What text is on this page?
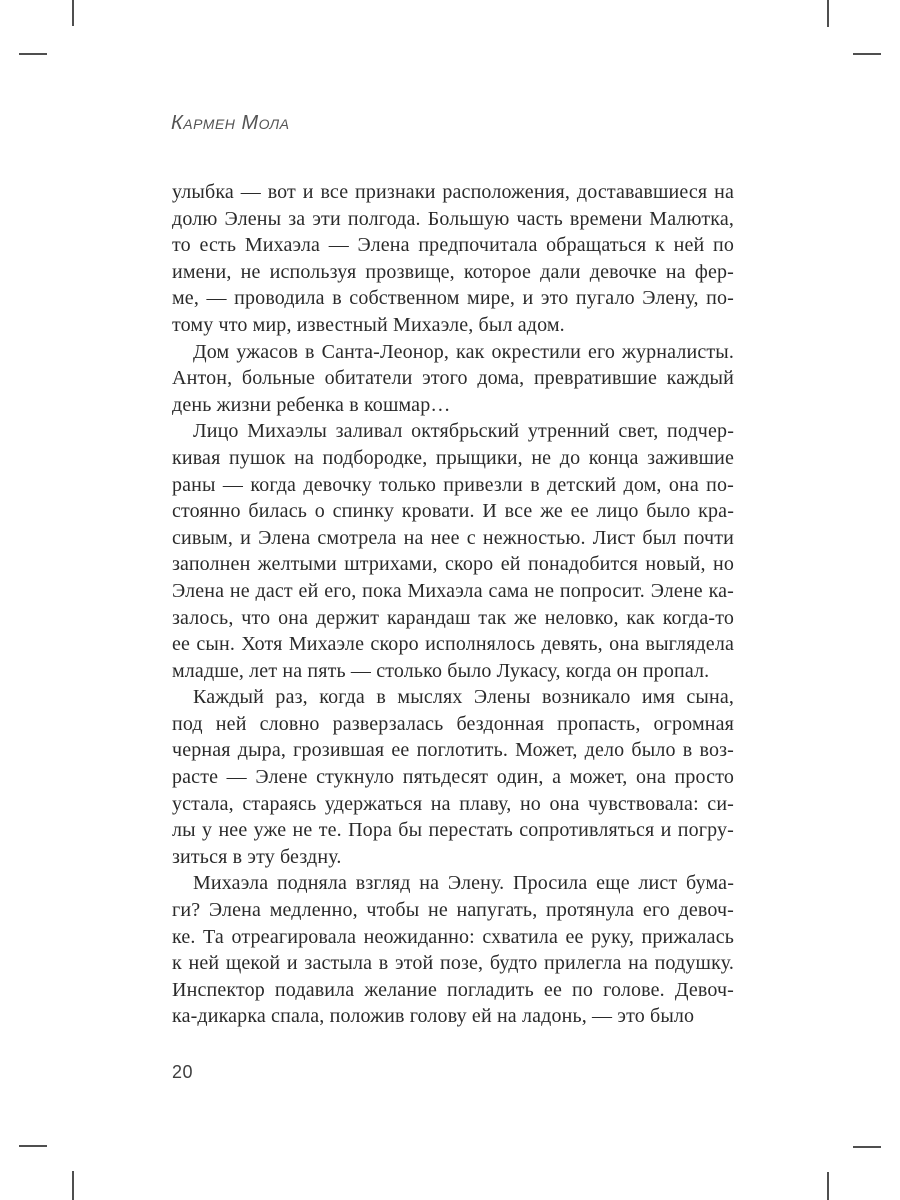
Кармен Мола
улыбка — вот и все признаки расположения, достававшиеся на
долю Элены за эти полгода. Большую часть времени Малютка,
то есть Михаэла — Элена предпочитала обращаться к ней по
имени, не используя прозвище, которое дали девочке на фер-
ме, — проводила в собственном мире, и это пугало Элену, по-
тому что мир, известный Михаэле, был адом.
Дом ужасов в Санта-Леонор, как окрестили его журналисты.
Антон, больные обитатели этого дома, превратившие каждый
день жизни ребенка в кошмар…
Лицо Михаэлы заливал октябрьский утренний свет, подчер-
кивая пушок на подбородке, прыщики, не до конца зажившие
раны — когда девочку только привезли в детский дом, она по-
стоянно билась о спинку кровати. И все же ее лицо было кра-
сивым, и Элена смотрела на нее с нежностью. Лист был почти
заполнен желтыми штрихами, скоро ей понадобится новый, но
Элена не даст ей его, пока Михаэла сама не попросит. Элене ка-
залось, что она держит карандаш так же неловко, как когда-то
ее сын. Хотя Михаэле скоро исполнялось девять, она выглядела
младше, лет на пять — столько было Лукасу, когда он пропал.
Каждый раз, когда в мыслях Элены возникало имя сына,
под ней словно разверзалась бездонная пропасть, огромная
черная дыра, грозившая ее поглотить. Может, дело было в воз-
расте — Элене стукнуло пятьдесят один, а может, она просто
устала, стараясь удержаться на плаву, но она чувствовала: си-
лы у нее уже не те. Пора бы перестать сопротивляться и погру-
зиться в эту бездну.
Михаэла подняла взгляд на Элену. Просила еще лист бума-
ги? Элена медленно, чтобы не напугать, протянула его девоч-
ке. Та отреагировала неожиданно: схватила ее руку, прижалась
к ней щекой и застыла в этой позе, будто прилегла на подушку.
Инспектор подавила желание погладить ее по голове. Девоч-
ка-дикарка спала, положив голову ей на ладонь, — это было
20
